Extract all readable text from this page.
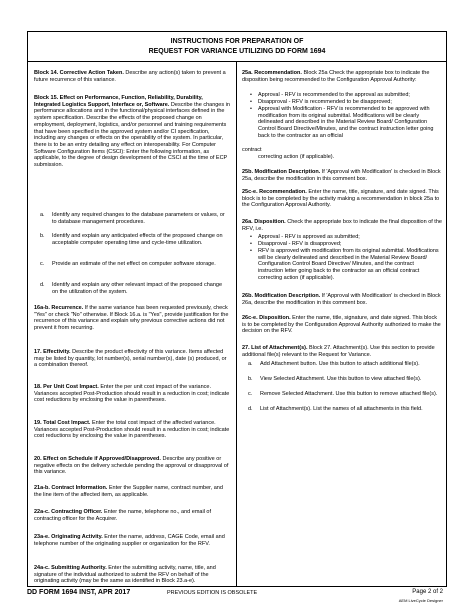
INSTRUCTIONS FOR PREPARATION OF
REQUEST FOR VARIANCE UTILIZING DD FORM 1694
Block 14. Corrective Action Taken. Describe any action(s) taken to prevent a future recurrence of this variance.
Block 15. Effect on Performance, Function, Reliability, Durability, Integrated Logistics Support, Interface or, Software. Describe the changes in performance allocations and in the functional/physical interfaces defined in the system specification. Describe the effects of the proposed change on employment, deployment, logistics, and/or personnel and training requirements that have been specified in the approved system and/or CI specification, including any changes or effects on the operability of the system. In particular, there is to be an entry detailing any effect on interoperability. For Computer Software Configuration Items (CSCI): Enter the following information, as applicable, to the degree of design development of the CSCI at the time of ECP submission.
a. Identify any required changes to the database parameters or values, or to database management procedures.
b. Identify and explain any anticipated effects of the proposed change on acceptable computer operating time and cycle-time utilization.
c. Provide an estimate of the net effect on computer software storage.
d. Identify and explain any other relevant impact of the proposed change on the utilization of the system.
16a-b. Recurrence. If the same variance has been requested previously, check "Yes" or check "No" otherwise. If Block 16.a. is "Yes", provide justification for the recurrence of this variance and explain why previous corrective actions did not prevent it from recurring.
17. Effectivity. Describe the product effectivity of this variance. Items affected may be listed by quantity, lot number(s), serial number(s), date (s) produced, or a combination thereof.
18. Per Unit Cost Impact. Enter the per unit cost impact of the variance. Variances accepted Post-Production should result in a reduction in cost; indicate cost reductions by enclosing the value in parentheses.
19. Total Cost Impact. Enter the total cost impact of the affected variance. Variances accepted Post-Production should result in a reduction in cost; indicate cost reductions by enclosing the value in parentheses.
20. Effect on Schedule if Approved/Disapproved. Describe any positive or negative effects on the delivery schedule pending the approval or disapproval of this variance.
21a-b. Contract Information. Enter the Supplier name, contract number, and the line item of the affected item, as applicable.
22a-c. Contracting Officer. Enter the name, telephone no., and email of contracting officer for the Acquirer.
23a-e. Originating Activity. Enter the name, address, CAGE Code, email and telephone number of the originating supplier or organization for the RFV.
24a-c. Submitting Authority. Enter the submitting activity, name, title, and signature of the individual authorized to submit the RFV on behalf of the originating activity (may be the same as identified in Block 23.a-e).
25a. Recommendation. Block 25a Check the appropriate box to indicate the disposition being recommended to the Configuration Approval Authority:
• Approval - RFV is recommended to the approval as submitted;
• Disapproval - RFV is recommended to be disapproved;
• Approval with Modification - RFV is recommended to be approved with modification from its original submittal. Modifications will be clearly delineated and described in the Material Review Board/ Configuration Control Board Directive/Minutes, and the contract instruction letter going back to the contractor as an official
contract
correcting action (if applicable).
25b. Modification Description. If 'Approval with Modification' is checked in Block 25a, describe the modification in this comment box.
25c-e. Recommendation. Enter the name, title, signature, and date signed. This block is to be completed by the activity making a recommendation in block 25a to the Configuration Approval Authority.
26a. Disposition. Check the appropriate box to indicate the final disposition of the RFV, i.e.
• Approval - RFV is approved as submitted;
• Disapproval - RFV is disapproved;
• RFV is approved with modification from its original submittal. Modifications will be clearly delineated and described in the Material Review Board/ Configuration Control Board Directive/ Minutes, and the contract instruction letter going back to the contractor as an official contract correcting action (if applicable).
26b. Modification Description. If 'Approval with Modification' is checked in Block 26a, describe the modification in this comment box.
26c-e. Disposition. Enter the name, title, signature, and date signed. This block is to be completed by the Configuration Approval Authority authorized to make the decision on the RFV.
27. List of Attachment(s). Block 27. Attachment(s). Use this section to provide additional file(s) relevant to the Request for Variance.
a. Add Attachment button. Use this button to attach additional file(s).
b. View Selected Attachment. Use this button to view attached file(s).
c. Remove Selected Attachment. Use this button to remove attached file(s).
d. List of Attachment(s). List the names of all attachments in this field.
DD FORM 1694 INST, APR 2017	PREVIOUS EDITION IS OBSOLETE	Page 2 of 2
AEM LiveCycle Designer
